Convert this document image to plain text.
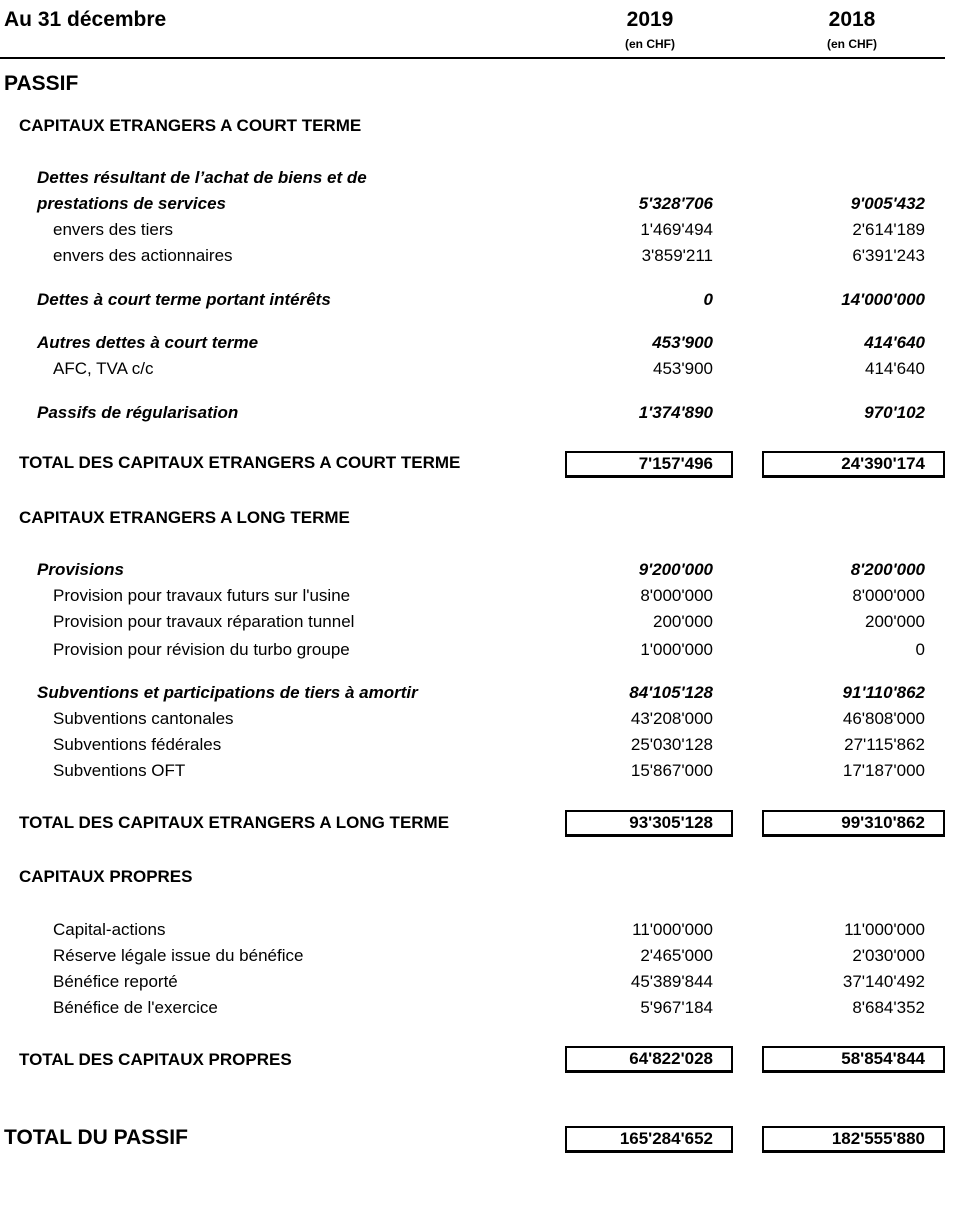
Au 31 décembre	2019	2018
(en CHF)	(en CHF)
PASSIF
CAPITAUX ETRANGERS A COURT TERME
Dettes résultant de l’achat de biens et de
prestations de services	5'328'706	9'005'432
envers des tiers	1'469'494	2'614'189
envers des actionnaires	3'859'211	6'391'243
Dettes à court terme portant intérêts	0	14'000'000
Autres dettes à court terme	453'900	414'640
AFC, TVA c/c	453'900	414'640
Passifs de régularisation	1'374'890	970'102
TOTAL DES CAPITAUX ETRANGERS A COURT TERME	7'157'496	24'390'174
CAPITAUX ETRANGERS A LONG TERME
Provisions	9'200'000	8'200'000
Provision pour travaux futurs sur l'usine	8'000'000	8'000'000
Provision pour travaux réparation tunnel	200'000	200'000
Provision pour révision du turbo groupe	1'000'000	0
Subventions et participations de tiers à amortir	84'105'128	91'110'862
Subventions cantonales	43'208'000	46'808'000
Subventions fédérales	25'030'128	27'115'862
Subventions OFT	15'867'000	17'187'000
TOTAL DES CAPITAUX ETRANGERS A LONG TERME	93'305'128	99'310'862
CAPITAUX PROPRES
Capital-actions	11'000'000	11'000'000
Réserve légale issue du bénéfice	2'465'000	2'030'000
Bénéfice reporté	45'389'844	37'140'492
Bénéfice de l'exercice	5'967'184	8'684'352
TOTAL DES CAPITAUX PROPRES	64'822'028	58'854'844
TOTAL DU PASSIF	165'284'652	182'555'880
